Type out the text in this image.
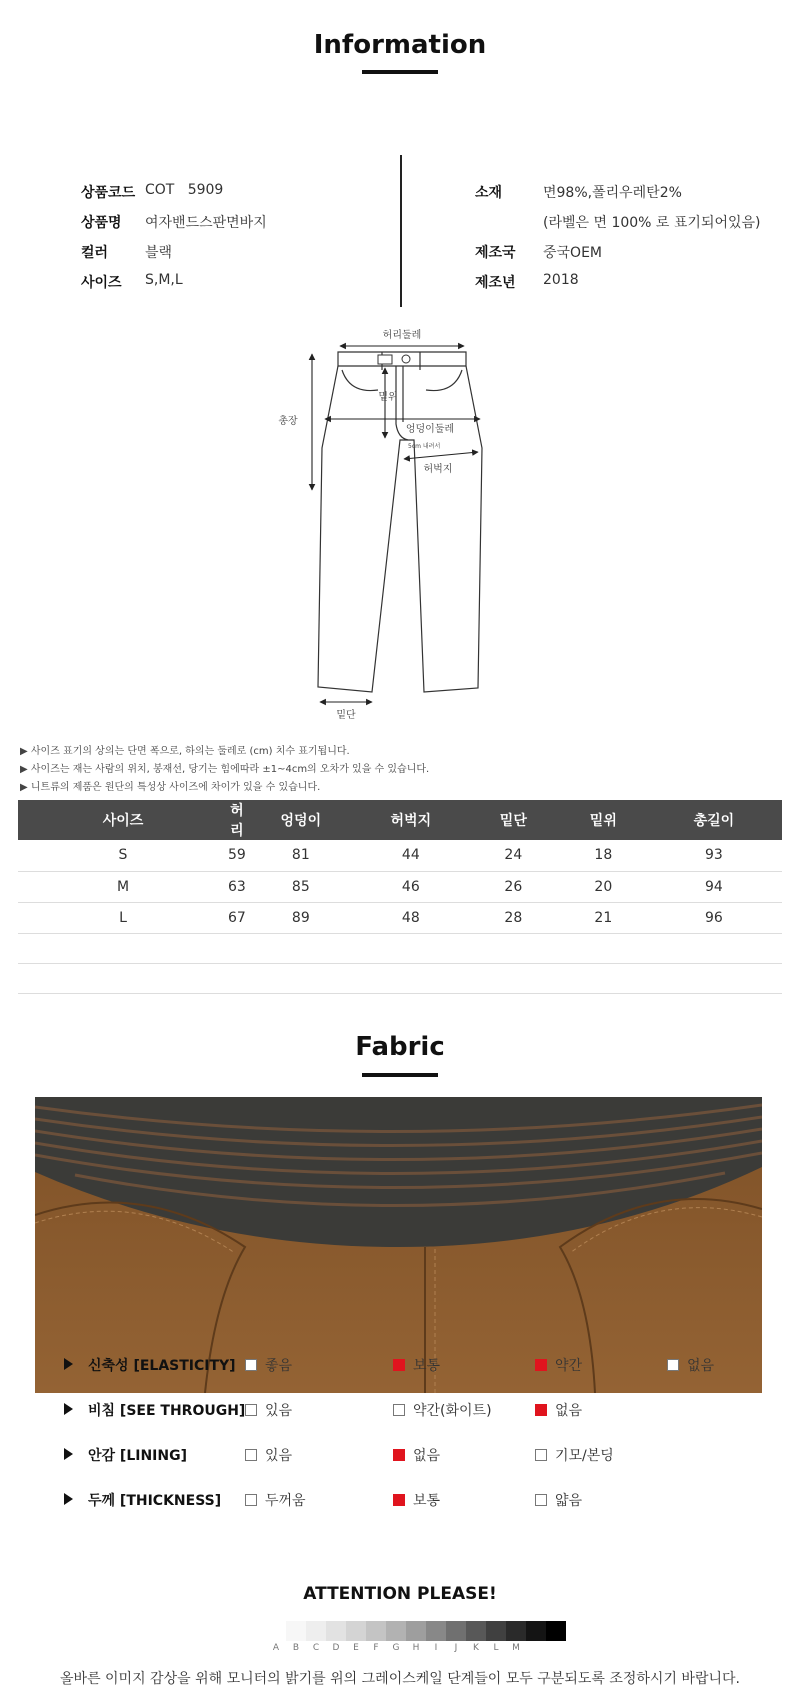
Information
상품코드 COT   5909
상품명 여자밴드스판면바지
컬러	블랙
사이즈 S,M,L
소재	면98%,폴리우레탄2%
(라벨은 면 100% 로 표기되어있음)
제조국 중국OEM
제조년 2018
허리둘레
총장
밑위
엉덩이둘레
5cm 내려서
허벅지
밑단
▶ 사이즈 표기의 상의는 단면 폭으로, 하의는 둘레로 (cm) 치수 표기됩니다.
▶ 사이즈는 재는 사람의 위치, 봉재선, 당기는 힘에따라 ±1~4cm의 오차가 있을 수 있습니다.
▶ 니트류의 제품은 원단의 특성상 사이즈에 차이가 있을 수 있습니다.
사이즈	허리	엉덩이	허벅지	밑단	밑위	총길이
S	59	81	44	24	18	93
M	63	85	46	26	20	94
L	67	89	48	28	21	96

Fabric
신축성 [ELASTICITY] 좋음	보통	약간	없음
비침 [SEE THROUGH] 있음	약간(화이트)	없음
안감 [LINING]	있음	없음	기모/본딩
두께 [THICKNESS]	두꺼움	보통	얇음
ATTENTION PLEASE!
A	B	C	D	E	F	G	H	I	J	K	L	M
올바른 이미지 감상을 위해 모니터의 밝기를 위의 그레이스케일 단계들이 모두 구분되도록 조정하시기 바랍니다.
